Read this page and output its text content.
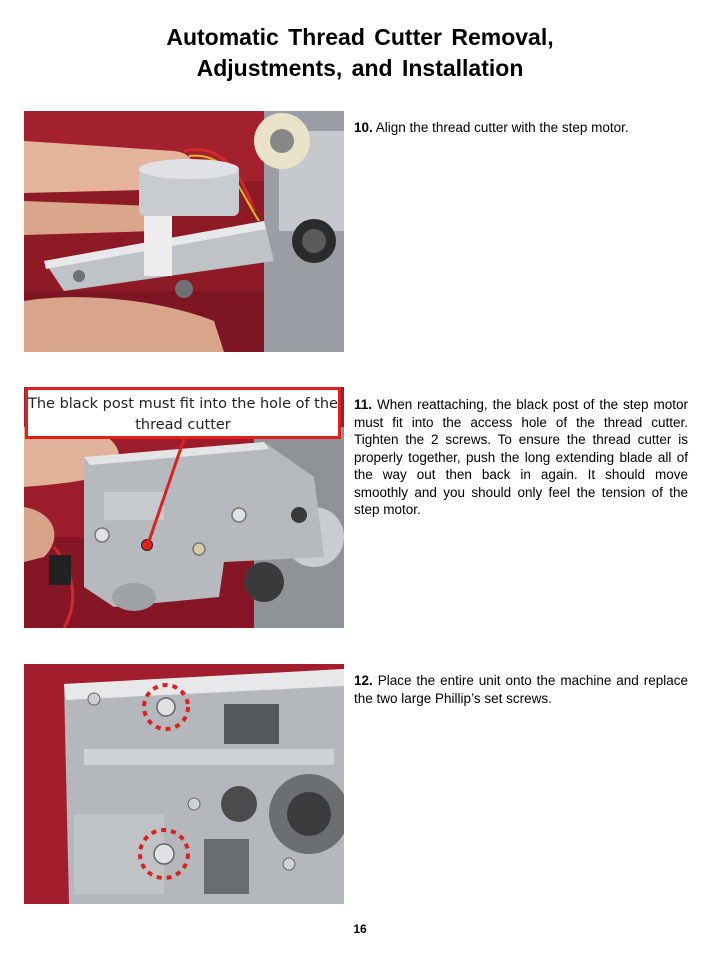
Automatic Thread Cutter Removal,
Adjustments, and Installation
The black post must fit into the hole of the thread cutter
10. Align the thread cutter with the step motor.
11. When reattaching, the black post of the step motor must fit into the access hole of the thread cutter. Tighten the 2 screws. To ensure the thread cutter is properly together, push the long extending blade all of the way out then back in again. It should move smoothly and you should only feel the tension of the step motor.
12. Place the entire unit onto the machine and replace the two large Phillip’s set screws.
16
